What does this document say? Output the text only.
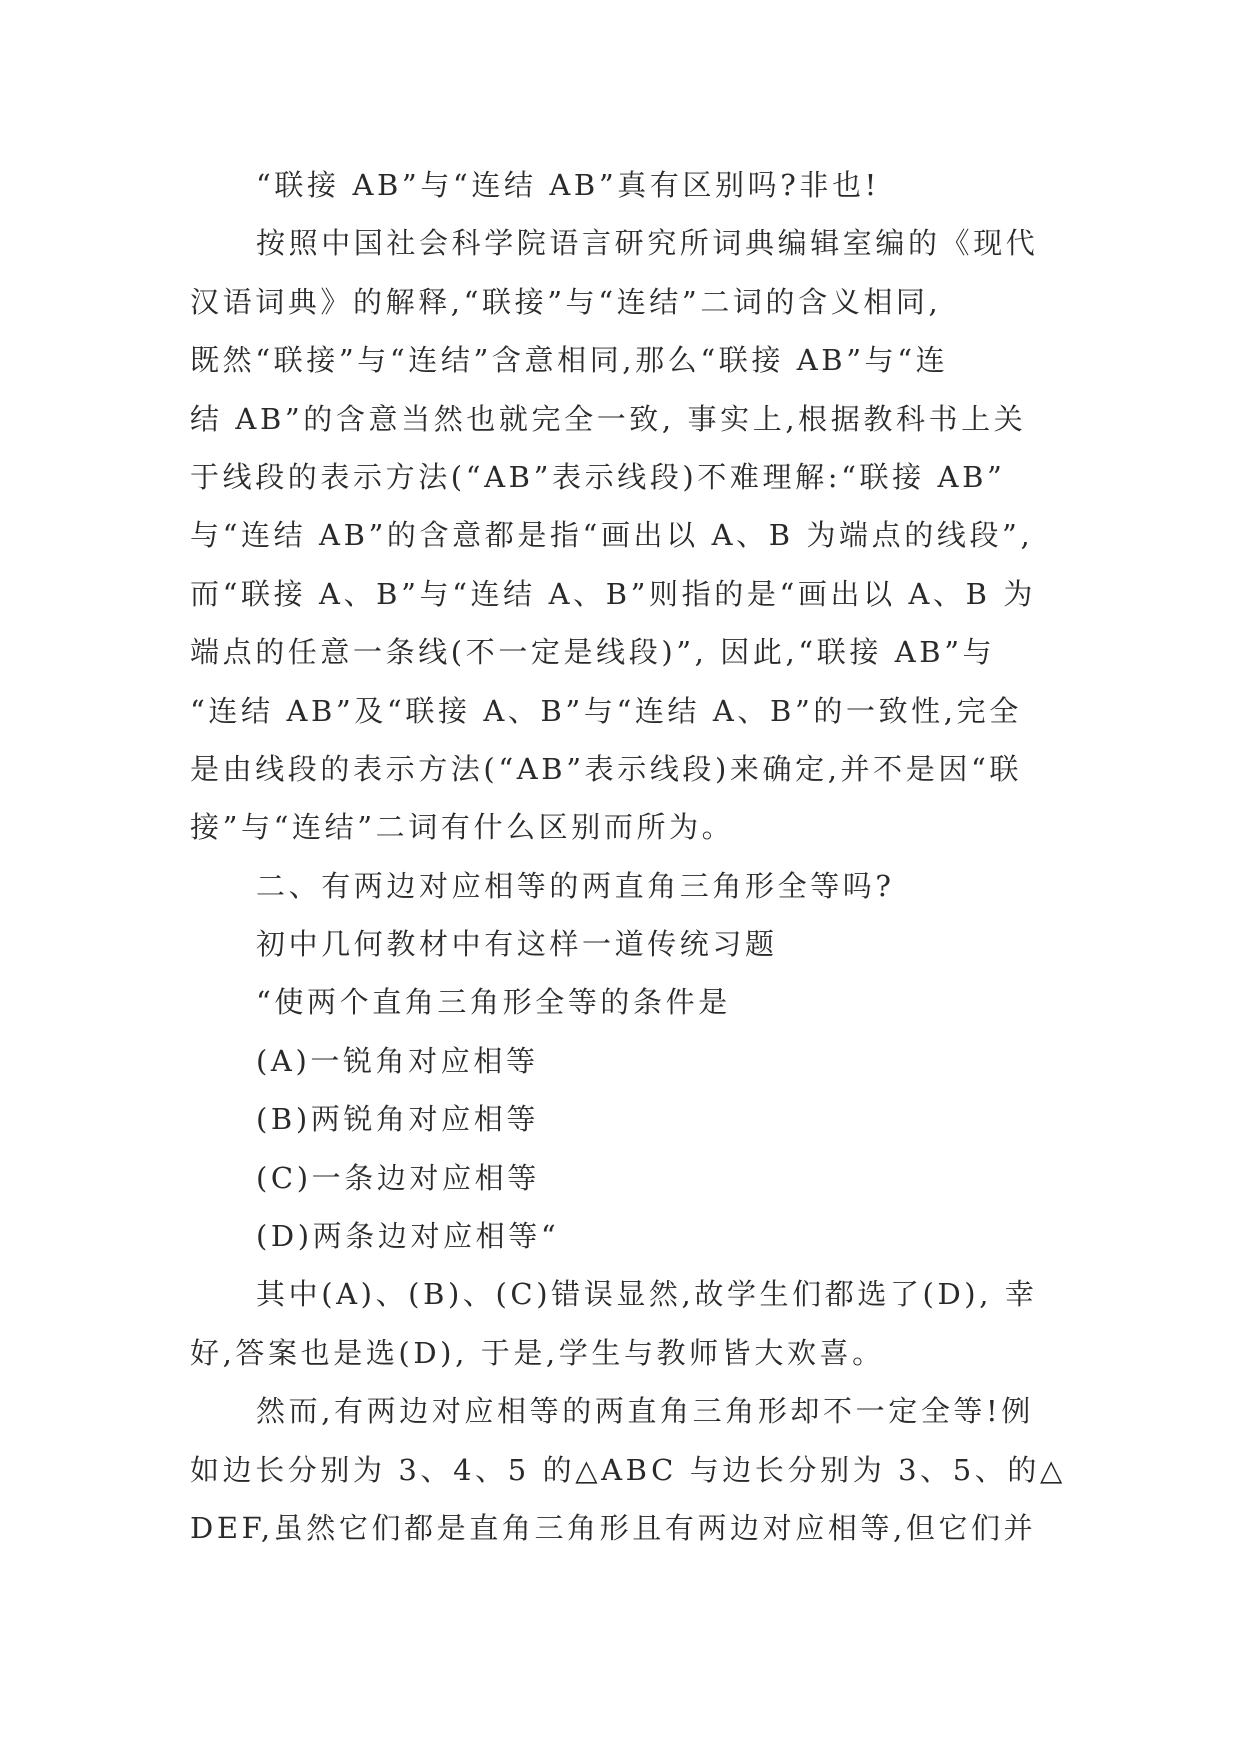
“联接 AB”与“连结 AB”真有区别吗?非也!
按照中国社会科学院语言研究所词典编辑室编的《现代
汉语词典》的解释,“联接”与“连结”二词的含义相同,
既然“联接”与“连结”含意相同,那么“联接 AB”与“连
结 AB”的含意当然也就完全一致, 事实上,根据教科书上关
于线段的表示方法(“AB”表示线段)不难理解:“联接 AB”
与“连结 AB”的含意都是指“画出以 A、B 为端点的线段”,
而“联接 A、B”与“连结 A、B”则指的是“画出以 A、B 为
端点的任意一条线(不一定是线段)”, 因此,“联接 AB”与
“连结 AB”及“联接 A、B”与“连结 A、B”的一致性,完全
是由线段的表示方法(“AB”表示线段)来确定,并不是因“联
接”与“连结”二词有什么区别而所为。
二、有两边对应相等的两直角三角形全等吗?
初中几何教材中有这样一道传统习题
“使两个直角三角形全等的条件是
(A)一锐角对应相等
(B)两锐角对应相等
(C)一条边对应相等
(D)两条边对应相等“
其中(A)、(B)、(C)错误显然,故学生们都选了(D), 幸
好,答案也是选(D), 于是,学生与教师皆大欢喜。
然而,有两边对应相等的两直角三角形却不一定全等!例
如边长分别为 3、4、5 的△ABC 与边长分别为 3、5、的△
DEF,虽然它们都是直角三角形且有两边对应相等,但它们并
